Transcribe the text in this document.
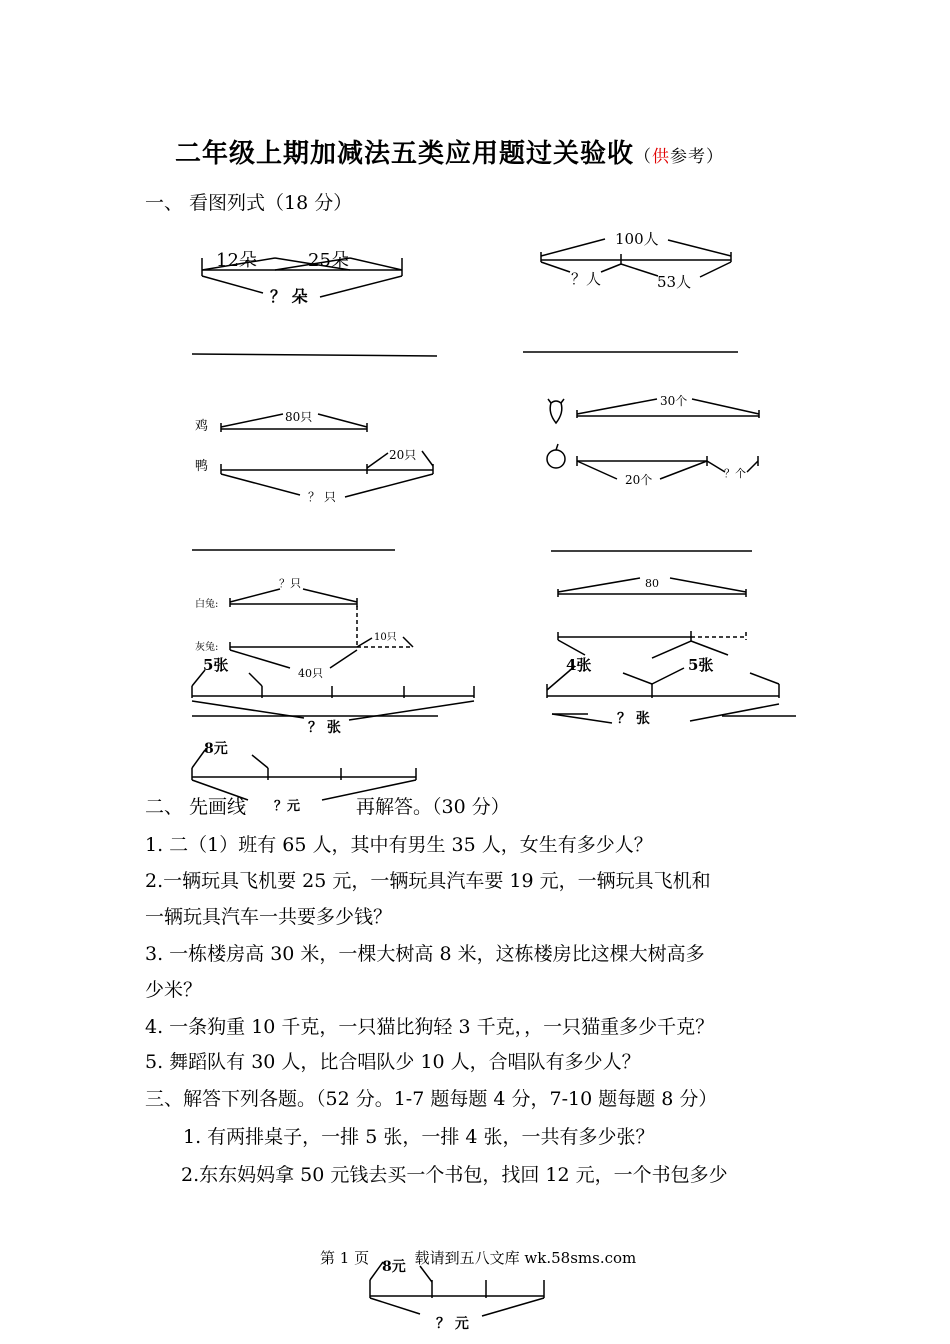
二年级上期加减法五类应用题过关验收（供参考）
一、 看图列式（18 分）
12朵	25朵
？ 朵
100人
？人	53人
鸡
80只
鸭
20只
？ 只
30个
20个	？个
白兔:
？只
灰兔:
10只
40只
80
5张
？ 张
4张	5张
？ 张
8元
？元
8元
？ 元
二、 先画线	再解答。（30 分）
1. 二（1）班有 65 人，其中有男生 35 人，女生有多少人？
2.一辆玩具飞机要 25 元，一辆玩具汽车要 19 元，一辆玩具飞机和
一辆玩具汽车一共要多少钱？
3. 一栋楼房高 30 米，一棵大树高 8 米，这栋楼房比这棵大树高多
少米？
4. 一条狗重 10 千克，一只猫比狗轻 3 千克，，一只猫重多少千克？
5. 舞蹈队有 30 人，比合唱队少 10 人，合唱队有多少人？
三、解答下列各题。（52 分。1-7 题每题 4 分，7-10 题每题 8 分）
1. 有两排桌子，一排 5 张，一排 4 张，一共有多少张？
2.东东妈妈拿 50 元钱去买一个书包，找回 12 元，一个书包多少
第 1 页	载请到五八文库 wk.58sms.com
